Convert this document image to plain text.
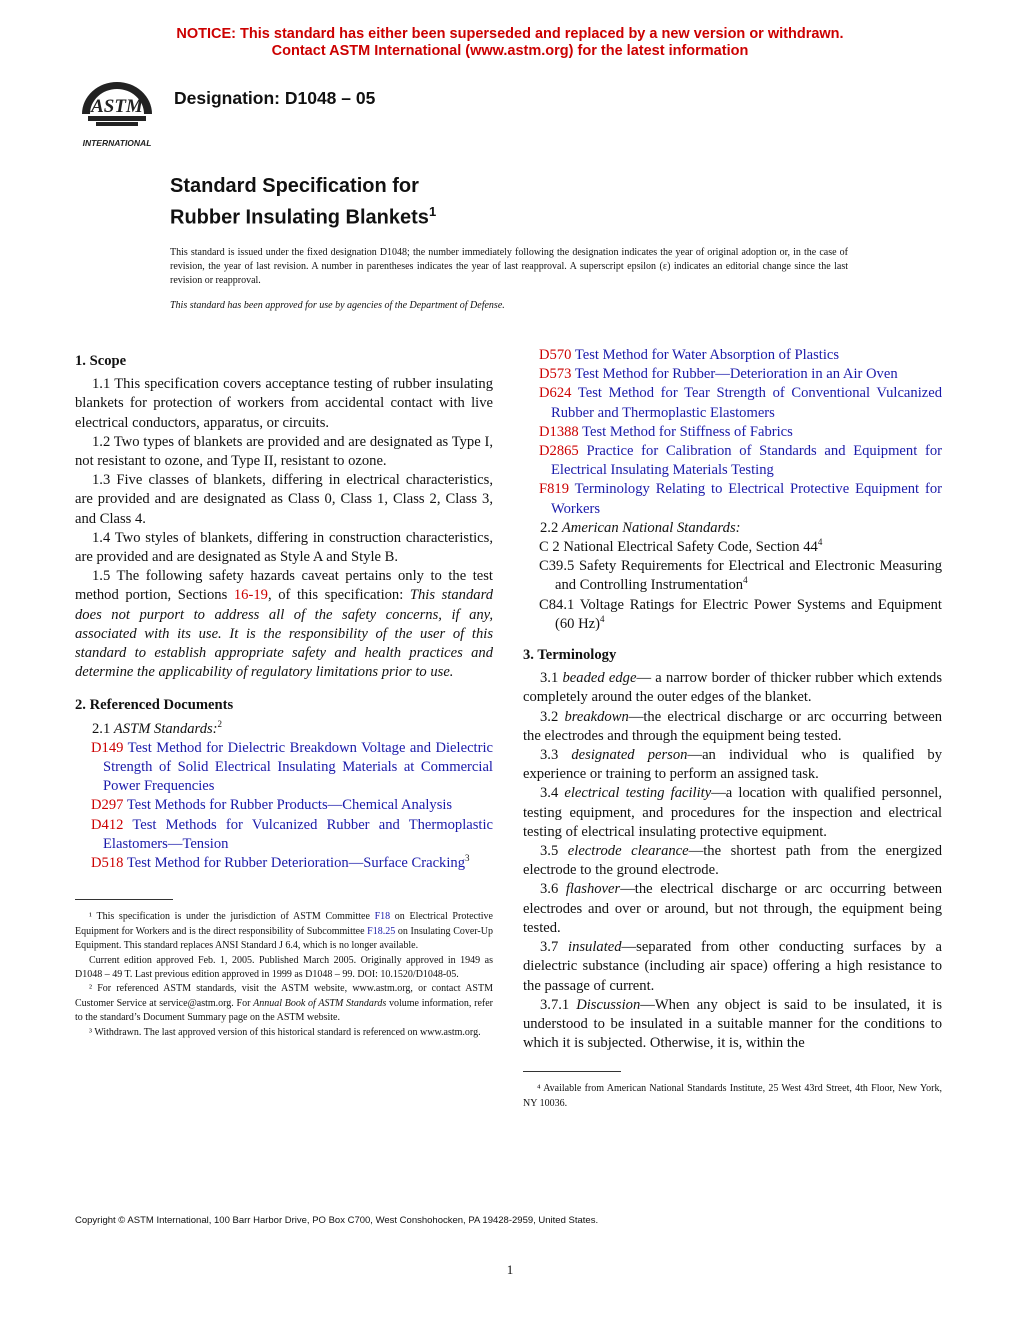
NOTICE: This standard has either been superseded and replaced by a new version or withdrawn.
Contact ASTM International (www.astm.org) for the latest information
ASTM
INTERNATIONAL
Designation: D1048 – 05
Standard Specification for
Rubber Insulating Blankets$^1$
This standard is issued under the fixed designation D1048; the number immediately following the designation indicates the year of original adoption or, in the case of revision, the year of last revision. A number in parentheses indicates the year of last reapproval. A superscript epsilon (ε) indicates an editorial change since the last revision or reapproval.
This standard has been approved for use by agencies of the Department of Defense.

1. Scope

1.1 This specification covers acceptance testing of rubber insulating blankets for protection of workers from accidental contact with live electrical conductors, apparatus, or circuits.

1.2 Two types of blankets are provided and are designated as Type I, not resistant to ozone, and Type II, resistant to ozone.

1.3 Five classes of blankets, differing in electrical characteristics, are provided and are designated as Class 0, Class 1, Class 2, Class 3, and Class 4.

1.4 Two styles of blankets, differing in construction characteristics, are provided and are designated as Style A and Style B.

1.5 The following safety hazards caveat pertains only to the test method portion, Sections 16-19, of this specification: This standard does not purport to address all of the safety concerns, if any, associated with its use. It is the responsibility of the user of this standard to establish appropriate safety and health practices and determine the applicability of regulatory limitations prior to use.

2. Referenced Documents

2.1 ASTM Standards:$^2$

D149 Test Method for Dielectric Breakdown Voltage and Dielectric Strength of Solid Electrical Insulating Materials at Commercial Power Frequencies

D297 Test Methods for Rubber Products—Chemical Analysis

D412 Test Methods for Vulcanized Rubber and Thermoplastic Elastomers—Tension

D518 Test Method for Rubber Deterioration—Surface Cracking$^3$

¹ This specification is under the jurisdiction of ASTM Committee F18 on Electrical Protective Equipment for Workers and is the direct responsibility of Subcommittee F18.25 on Insulating Cover-Up Equipment. This standard replaces ANSI Standard J 6.4, which is no longer available.

Current edition approved Feb. 1, 2005. Published March 2005. Originally approved in 1949 as D1048 – 49 T. Last previous edition approved in 1999 as D1048 – 99. DOI: 10.1520/D1048-05.

² For referenced ASTM standards, visit the ASTM website, www.astm.org, or contact ASTM Customer Service at service@astm.org. For Annual Book of ASTM Standards volume information, refer to the standard’s Document Summary page on the ASTM website.

³ Withdrawn. The last approved version of this historical standard is referenced on www.astm.org.

D570 Test Method for Water Absorption of Plastics

D573 Test Method for Rubber—Deterioration in an Air Oven

D624 Test Method for Tear Strength of Conventional Vulcanized Rubber and Thermoplastic Elastomers

D1388 Test Method for Stiffness of Fabrics

D2865 Practice for Calibration of Standards and Equipment for Electrical Insulating Materials Testing

F819 Terminology Relating to Electrical Protective Equipment for Workers

2.2 American National Standards:

C 2 National Electrical Safety Code, Section $44^4$

C39.5 Safety Requirements for Electrical and Electronic Measuring and Controlling Instrumentation$^4$

C84.1 Voltage Ratings for Electric Power Systems and Equipment (60 Hz)$^4$

3. Terminology

3.1 beaded edge— a narrow border of thicker rubber which extends completely around the outer edges of the blanket.

3.2 breakdown—the electrical discharge or arc occurring between the electrodes and through the equipment being tested.

3.3 designated person—an individual who is qualified by experience or training to perform an assigned task.

3.4 electrical testing facility—a location with qualified personnel, testing equipment, and procedures for the inspection and electrical testing of electrical insulating protective equipment.

3.5 electrode clearance—the shortest path from the energized electrode to the ground electrode.

3.6 flashover—the electrical discharge or arc occurring between electrodes and over or around, but not through, the equipment being tested.

3.7 insulated—separated from other conducting surfaces by a dielectric substance (including air space) offering a high resistance to the passage of current.

3.7.1 Discussion—When any object is said to be insulated, it is understood to be insulated in a suitable manner for the conditions to which it is subjected. Otherwise, it is, within the

⁴ Available from American National Standards Institute, 25 West 43rd Street, 4th Floor, New York, NY 10036.

Copyright © ASTM International, 100 Barr Harbor Drive, PO Box C700, West Conshohocken, PA 19428-2959, United States.
1
